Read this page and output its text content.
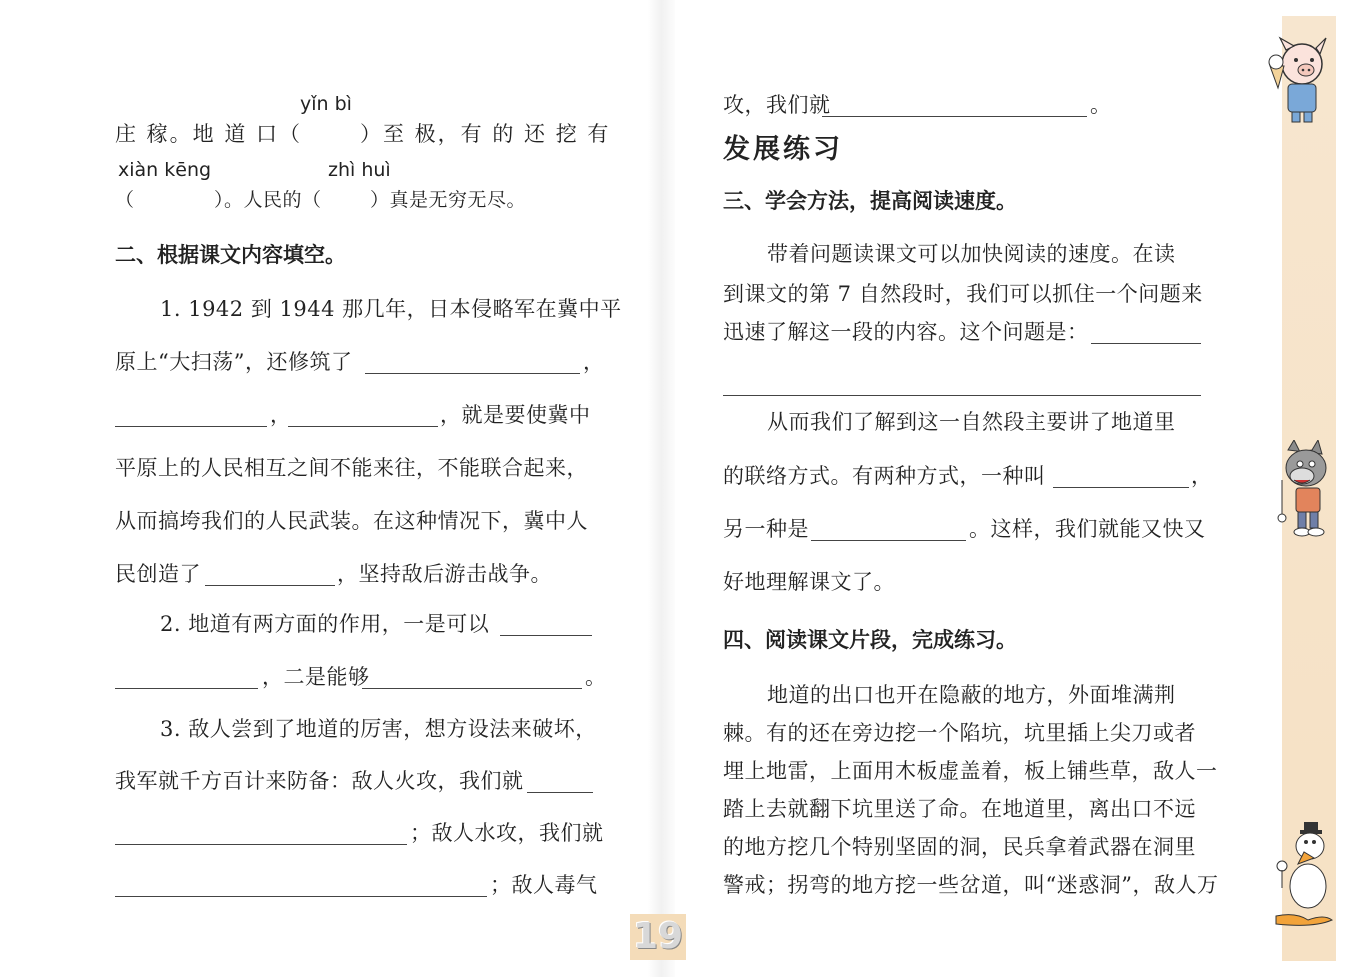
yǐn bì
庄 稼。地 道 口（	）至 极，有 的 还 挖 有
xiàn kēng	zhì huì
（	）。人民的（	）真是无穷无尽。
二、根据课文内容填空。
1. 1942 到 1944 那几年，日本侵略军在冀中平
原上“大扫荡”，还修筑了	，
，	，就是要使冀中
平原上的人民相互之间不能来往，不能联合起来，
从而搞垮我们的人民武装。在这种情况下，冀中人
民创造了	，坚持敌后游击战争。
2. 地道有两方面的作用，一是可以
，二是能够	。
3. 敌人尝到了地道的厉害，想方设法来破坏，
我军就千方百计来防备：敌人火攻，我们就
；敌人水攻，我们就
；敌人毒气
攻，我们就	。
发展练习
三、学会方法，提高阅读速度。
带着问题读课文可以加快阅读的速度。在读
到课文的第 7 自然段时，我们可以抓住一个问题来
迅速了解这一段的内容。这个问题是：
从而我们了解到这一自然段主要讲了地道里
的联络方式。有两种方式，一种叫	，
另一种是	。这样，我们就能又快又
好地理解课文了。
四、阅读课文片段，完成练习。
地道的出口也开在隐蔽的地方，外面堆满荆
棘。有的还在旁边挖一个陷坑，坑里插上尖刀或者
埋上地雷，上面用木板虚盖着，板上铺些草，敌人一
踏上去就翻下坑里送了命。在地道里，离出口不远
的地方挖几个特别坚固的洞，民兵拿着武器在洞里
警戒；拐弯的地方挖一些岔道，叫“迷惑洞”，敌人万
19
